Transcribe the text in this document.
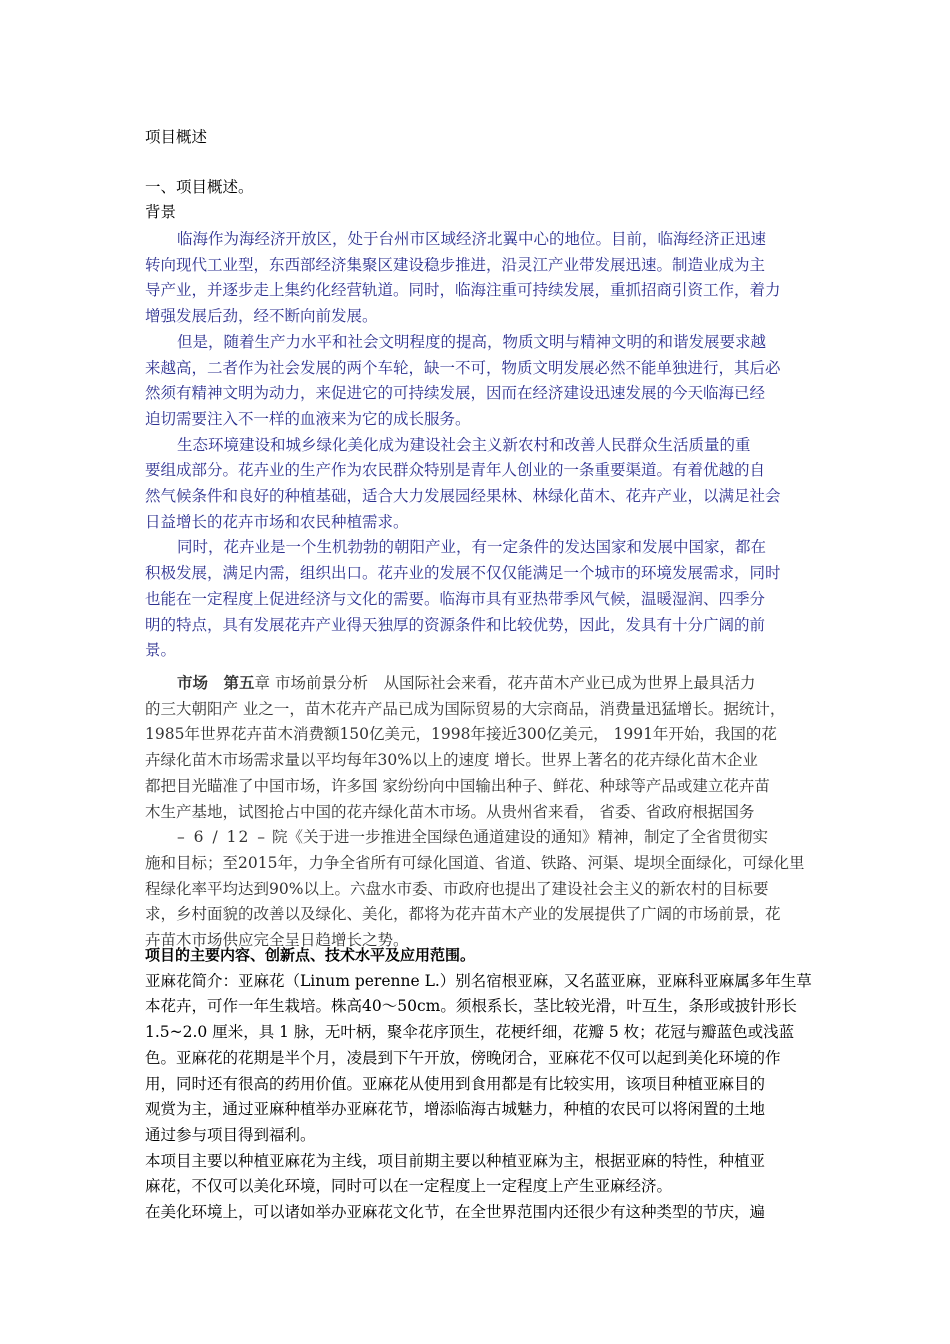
项目概述
一、项目概述。
背景
临海作为海经济开放区，处于台州市区域经济北翼中心的地位。目前，临海经济正迅速
转向现代工业型，东西部经济集聚区建设稳步推进，沿灵江产业带发展迅速。制造业成为主
导产业，并逐步走上集约化经营轨道。同时，临海注重可持续发展，重抓招商引资工作，着力
增强发展后劲，经不断向前发展。
但是，随着生产力水平和社会文明程度的提高，物质文明与精神文明的和谐发展要求越
来越高，二者作为社会发展的两个车轮，缺一不可，物质文明发展必然不能单独进行，其后必
然须有精神文明为动力，来促进它的可持续发展，因而在经济建设迅速发展的今天临海已经
迫切需要注入不一样的血液来为它的成长服务。
生态环境建设和城乡绿化美化成为建设社会主义新农村和改善人民群众生活质量的重
要组成部分。花卉业的生产作为农民群众特别是青年人创业的一条重要渠道。有着优越的自
然气候条件和良好的种植基础，适合大力发展园经果林、林绿化苗木、花卉产业，以满足社会
日益增长的花卉市场和农民种植需求。
同时，花卉业是一个生机勃勃的朝阳产业，有一定条件的发达国家和发展中国家，都在
积极发展，满足内需，组织出口。花卉业的发展不仅仅能满足一个城市的环境发展需求，同时
也能在一定程度上促进经济与文化的需要。临海市具有亚热带季风气候，温暖湿润、四季分
明的特点，具有发展花卉产业得天独厚的资源条件和比较优势，因此，发具有十分广阔的前
景。
市场　 第五章 市场前景分析　从国际社会来看，花卉苗木产业已成为世界上最具活力
的三大朝阳产 业之一，苗木花卉产品已成为国际贸易的大宗商品，消费量迅猛增长。据统计，
1985年世界花卉苗木消费额150亿美元，1998年接近300亿美元， 1991年开始，我国的花
卉绿化苗木市场需求量以平均每年30%以上的速度 增长。世界上著名的花卉绿化苗木企业
都把目光瞄准了中国市场，许多国 家纷纷向中国输出种子、鲜花、种球等产品或建立花卉苗
木生产基地，试图抢占中国的花卉绿化苗木市场。从贵州省来看， 省委、省政府根据国务
– 6 / 12 – 院《关于进一步推进全国绿色通道建设的通知》精神，制定了全省贯彻实
施和目标；至2015年，力争全省所有可绿化国道、省道、铁路、河渠、堤坝全面绿化，可绿化里
程绿化率平均达到90%以上。六盘水市委、市政府也提出了建设社会主义的新农村的目标要
求，乡村面貌的改善以及绿化、美化，都将为花卉苗木产业的发展提供了广阔的市场前景，花
卉苗木市场供应完全呈日趋增长之势。
项目的主要内容、创新点、技术水平及应用范围。
亚麻花简介：亚麻花（Linum perenne L.）别名宿根亚麻，又名蓝亚麻，亚麻科亚麻属多年生草
本花卉，可作一年生栽培。株高40～50cm。须根系长，茎比较光滑，叶互生，条形或披针形长
1.5~2.0 厘米，具 1 脉，无叶柄，聚伞花序顶生，花梗纤细，花瓣 5 枚；花冠与瓣蓝色或浅蓝
色。亚麻花的花期是半个月，凌晨到下午开放，傍晚闭合，亚麻花不仅可以起到美化环境的作
用，同时还有很高的药用价值。亚麻花从使用到食用都是有比较实用，该项目种植亚麻目的
观赏为主，通过亚麻种植举办亚麻花节，增添临海古城魅力，种植的农民可以将闲置的土地
通过参与项目得到福利。
本项目主要以种植亚麻花为主线，项目前期主要以种植亚麻为主，根据亚麻的特性，种植亚
麻花，不仅可以美化环境，同时可以在一定程度上一定程度上产生亚麻经济。
在美化环境上，可以诸如举办亚麻花文化节，在全世界范围内还很少有这种类型的节庆，遍
